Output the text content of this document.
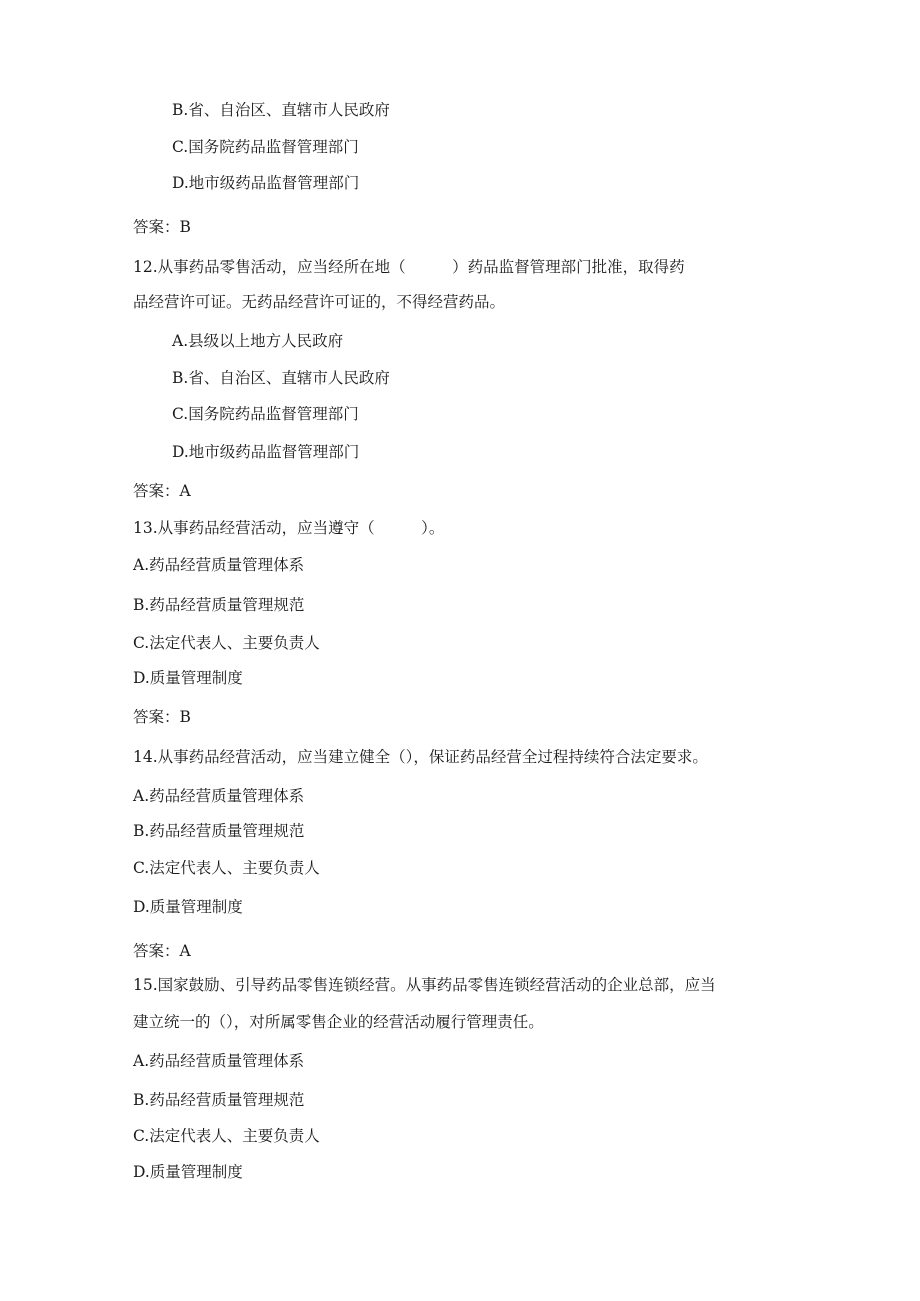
B.省、自治区、直辖市人民政府
C.国务院药品监督管理部门
D.地市级药品监督管理部门
答案：B
12.从事药品零售活动，应当经所在地（　　　）药品监督管理部门批准，取得药
品经营许可证。无药品经营许可证的，不得经营药品。
A.县级以上地方人民政府
B.省、自治区、直辖市人民政府
C.国务院药品监督管理部门
D.地市级药品监督管理部门
答案：A
13.从事药品经营活动，应当遵守（　　　）。
A.药品经营质量管理体系
B.药品经营质量管理规范
C.法定代表人、主要负责人
D.质量管理制度
答案：B
14.从事药品经营活动，应当建立健全（），保证药品经营全过程持续符合法定要求。
A.药品经营质量管理体系
B.药品经营质量管理规范
C.法定代表人、主要负责人
D.质量管理制度
答案：A
15.国家鼓励、引导药品零售连锁经营。从事药品零售连锁经营活动的企业总部，应当
建立统一的（），对所属零售企业的经营活动履行管理责任。
A.药品经营质量管理体系
B.药品经营质量管理规范
C.法定代表人、主要负责人
D.质量管理制度
